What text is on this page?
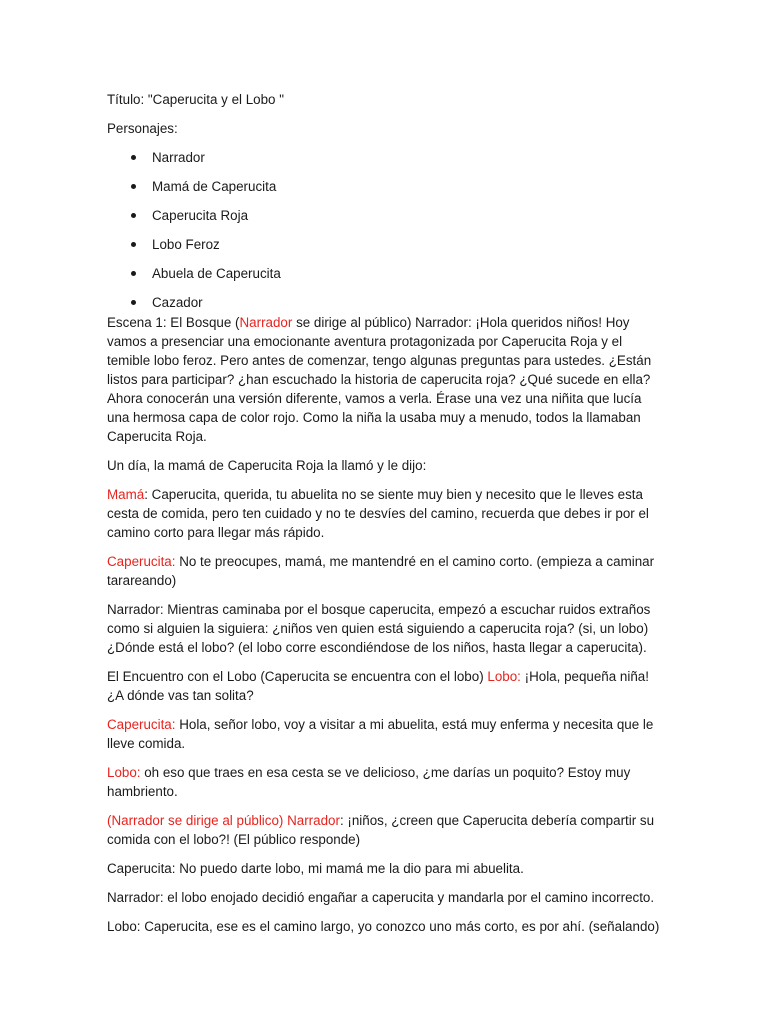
Título: "Caperucita y el Lobo "

Personajes:

Narrador
Mamá de Caperucita
Caperucita Roja
Lobo Feroz
Abuela de Caperucita
Cazador

Escena 1: El Bosque (Narrador se dirige al público) Narrador: ¡Hola queridos niños! Hoy vamos a presenciar una emocionante aventura protagonizada por Caperucita Roja y el temible lobo feroz. Pero antes de comenzar, tengo algunas preguntas para ustedes. ¿Están listos para participar? ¿han escuchado la historia de caperucita roja? ¿Qué sucede en ella? Ahora conocerán una versión diferente, vamos a verla. Érase una vez una niñita que lucía una hermosa capa de color rojo. Como la niña la usaba muy a menudo, todos la llamaban Caperucita Roja.

Un día, la mamá de Caperucita Roja la llamó y le dijo:

Mamá: Caperucita, querida, tu abuelita no se siente muy bien y necesito que le lleves esta cesta de comida, pero ten cuidado y no te desvíes del camino, recuerda que debes ir por el camino corto para llegar más rápido.

Caperucita: No te preocupes, mamá, me mantendré en el camino corto. (empieza a caminar tarareando)

Narrador: Mientras caminaba por el bosque caperucita, empezó a escuchar ruidos extraños como si alguien la siguiera: ¿niños ven quien está siguiendo a caperucita roja? (si, un lobo) ¿Dónde está el lobo? (el lobo corre escondiéndose de los niños, hasta llegar a caperucita).

El Encuentro con el Lobo (Caperucita se encuentra con el lobo) Lobo: ¡Hola, pequeña niña! ¿A dónde vas tan solita?

Caperucita: Hola, señor lobo, voy a visitar a mi abuelita, está muy enferma y necesita que le lleve comida.

Lobo: oh eso que traes en esa cesta se ve delicioso, ¿me darías un poquito? Estoy muy hambriento.

(Narrador se dirige al público) Narrador: ¡niños, ¿creen que Caperucita debería compartir su comida con el lobo?! (El público responde)

Caperucita: No puedo darte lobo, mi mamá me la dio para mi abuelita.

Narrador: el lobo enojado decidió engañar a caperucita y mandarla por el camino incorrecto.

Lobo: Caperucita, ese es el camino largo, yo conozco uno más corto, es por ahí. (señalando)
